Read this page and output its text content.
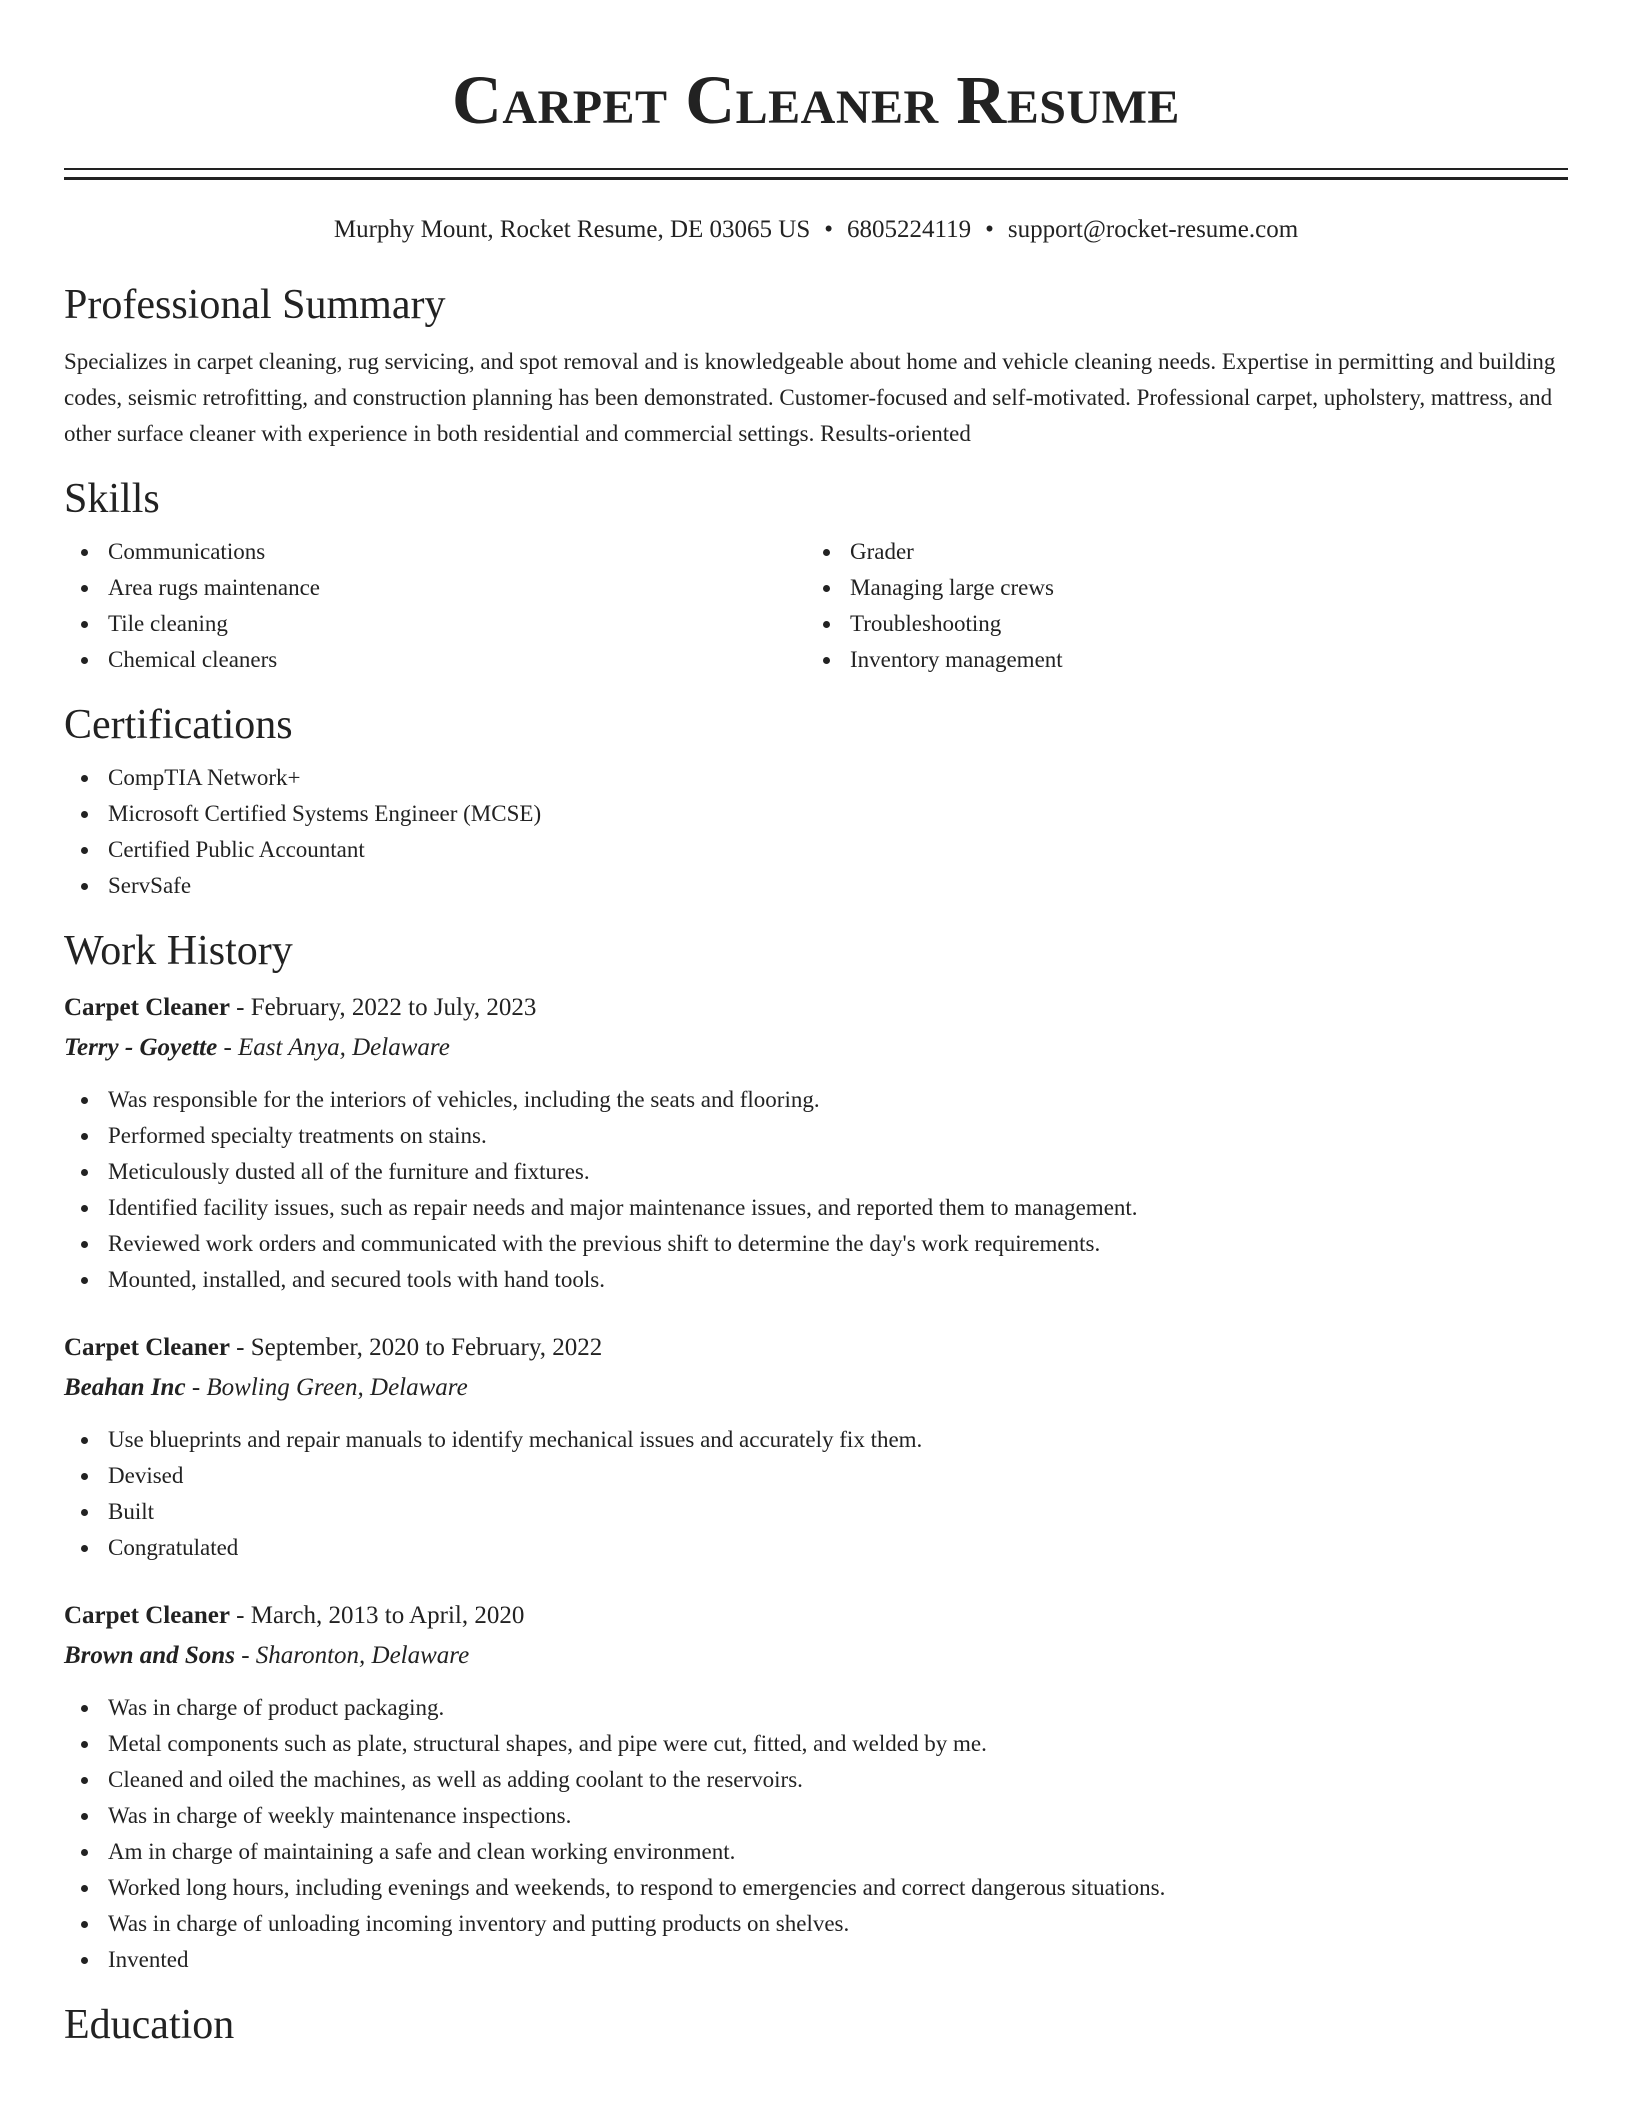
Carpet Cleaner Resume
Murphy Mount, Rocket Resume, DE 03065 US • 6805224119 • support@rocket-resume.com
Professional Summary

Specializes in carpet cleaning, rug servicing, and spot removal and is knowledgeable about home and vehicle cleaning needs. Expertise in permitting and building codes, seismic retrofitting, and construction planning has been demonstrated. Customer-focused and self-motivated. Professional carpet, upholstery, mattress, and other surface cleaner with experience in both residential and commercial settings. Results-oriented

Skills
Communications
Area rugs maintenance
Tile cleaning
Chemical cleaners
Grader
Managing large crews
Troubleshooting
Inventory management
Certifications
CompTIA Network+
Microsoft Certified Systems Engineer (MCSE)
Certified Public Accountant
ServSafe
Work History
Carpet Cleaner - February, 2022 to July, 2023
Terry - Goyette - East Anya, Delaware
Was responsible for the interiors of vehicles, including the seats and flooring.
Performed specialty treatments on stains.
Meticulously dusted all of the furniture and fixtures.
Identified facility issues, such as repair needs and major maintenance issues, and reported them to management.
Reviewed work orders and communicated with the previous shift to determine the day's work requirements.
Mounted, installed, and secured tools with hand tools.
Carpet Cleaner - September, 2020 to February, 2022
Beahan Inc - Bowling Green, Delaware
Use blueprints and repair manuals to identify mechanical issues and accurately fix them.
Devised
Built
Congratulated
Carpet Cleaner - March, 2013 to April, 2020
Brown and Sons - Sharonton, Delaware
Was in charge of product packaging.
Metal components such as plate, structural shapes, and pipe were cut, fitted, and welded by me.
Cleaned and oiled the machines, as well as adding coolant to the reservoirs.
Was in charge of weekly maintenance inspections.
Am in charge of maintaining a safe and clean working environment.
Worked long hours, including evenings and weekends, to respond to emergencies and correct dangerous situations.
Was in charge of unloading incoming inventory and putting products on shelves.
Invented
Education
